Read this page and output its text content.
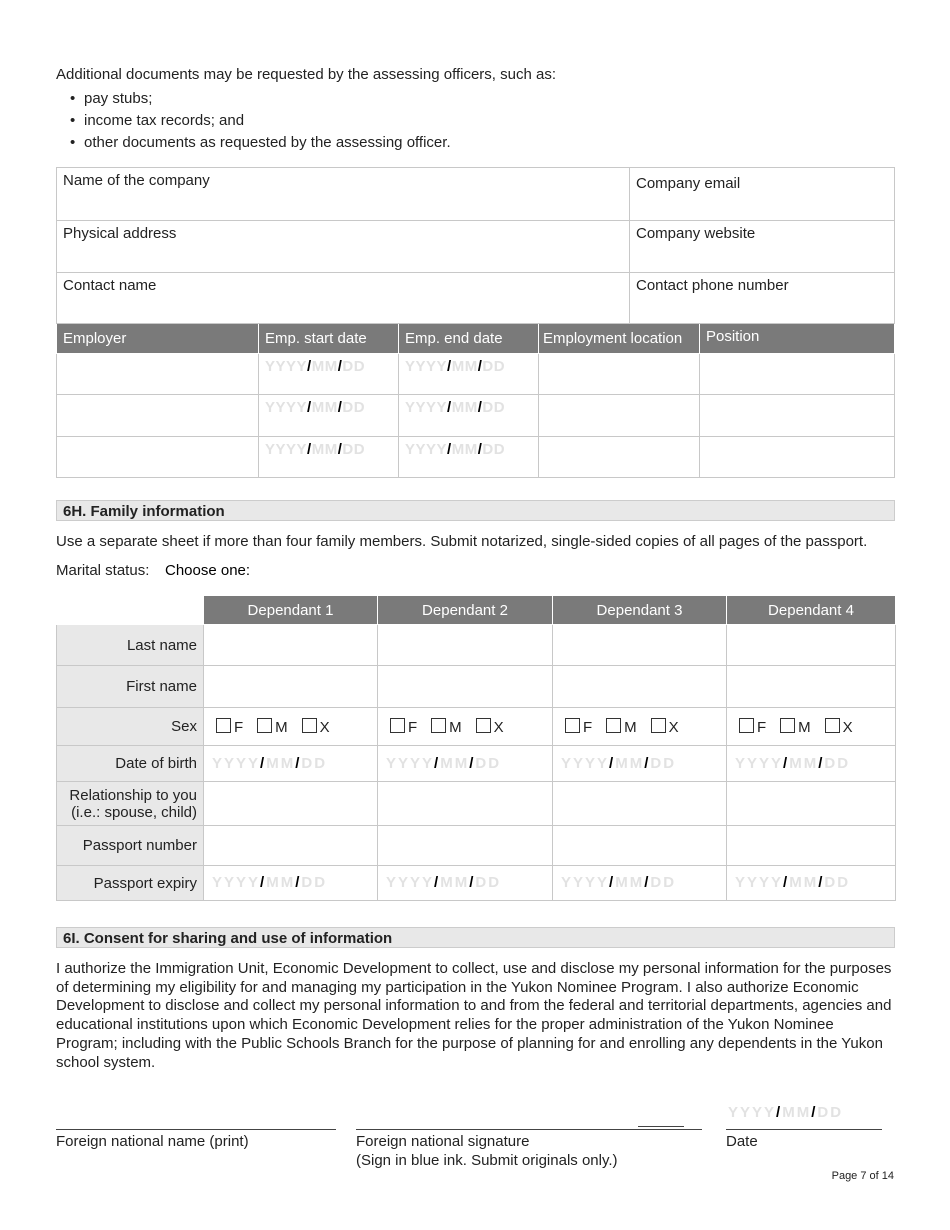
Additional documents may be requested by the assessing officers, such as:
• pay stubs;
• income tax records; and
• other documents as requested by the assessing officer.
Name of the company				Company email	
Physical address				Company website	
Contact name				Contact phone number	
Employer	Emp. start date	Emp. end date	Employment location		Position
	YYYY/MM/DD	YYYY/MM/DD			
	YYYY/MM/DD	YYYY/MM/DD			
	YYYY/MM/DD	YYYY/MM/DD			
6H. Family information
Use a separate sheet if more than four family members. Submit notarized, single-sided copies of all pages of the passport.
Marital status: Choose one:
	Dependant 1	Dependant 2	Dependant 3	Dependant 4
Last name				
First name				
Sex	F M X	F M X	F M X	F M X
Date of birth	YYYY/MM/DD	YYYY/MM/DD	YYYY/MM/DD	YYYY/MM/DD

Relationship to you
(i.e.: spouse, child)				

Passport number				
Passport expiry	YYYY/MM/DD	YYYY/MM/DD	YYYY/MM/DD	YYYY/MM/DD
6I. Consent for sharing and use of information
I authorize the Immigration Unit, Economic Development to collect, use and disclose my personal information for the purposes of determining my eligibility for and managing my participation in the Yukon Nominee Program. I also authorize Economic Development to disclose and collect my personal information to and from the federal and territorial departments, agencies and educational institutions upon which Economic Development relies for the proper administration of the Yukon Nominee Program; including with the Public Schools Branch for the purpose of planning for and enrolling any dependents in the Yukon school system.
YYYY/MM/DD
Foreign national name (print)	Foreign national signature
(Sign in blue ink. Submit originals only.)
Date
Page 7 of 14
